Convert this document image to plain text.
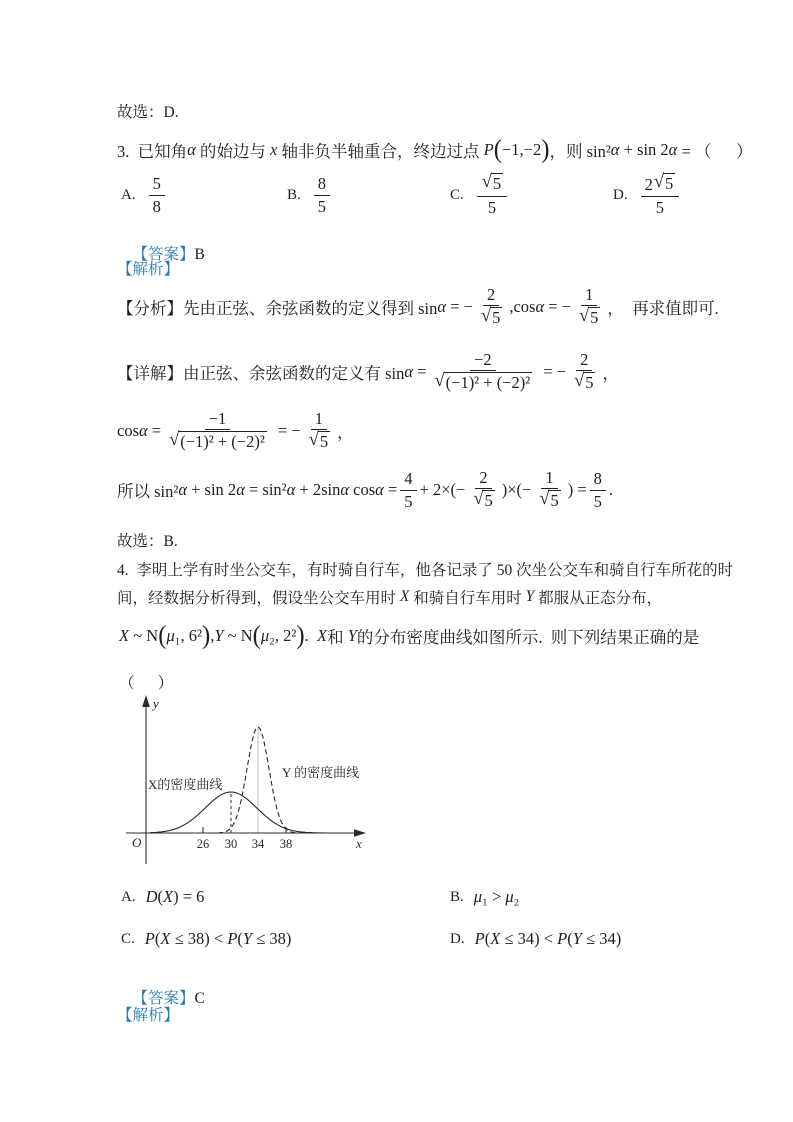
故选：D.
3.  已知角 α 的始边与 x 轴非负半轴重合，终边过点 P ( −1,−2 ) ，则 sin² α + sin 2 α = （      ）
A. $\frac{5}{8}$	B. $\frac{8}{5}$	C. $\frac{√ 5}{5}$	D. $\frac{2 √ 5}{5}$

【答案】B

【解析】
【分析】先由正弦、余弦函数的定义得到 sin α = − $\frac{2}{√ 5} ,\cos$ α = − $\frac{1}{√ 5}$ ，  再求值即可.
【详解】由正弦、余弦函数的定义有 $\sin \alpha = \frac{-2}{\text{√ (−1)² + (−2)²}}$ = − $\frac{2}{√ 5}$ ，
$\cos \alpha = \frac{-1}{\text{√ (−1)² + (−2)²}}$ = − $\frac{1}{√ 5}$ ，
所以 sin² α + sin 2 α = sin² α + 2sin α $\cos \alpha = \frac{4}{5} + 2\times(- \frac{2}{√ 5}$ )×(− $\frac{1}{√ 5}$ ) = $\frac{8}{5}$ .
故选：B.
4.  李明上学有时坐公交车，有时骑自行车，他各记录了 50 次坐公交车和骑自行车所花的时
间，经数据分析得到，假设坐公交车用时 X 和骑自行车用时 Y 都服从正态分布，
X ~ N ( μ ₁, 6² ) , Y ~ N ( μ ₂, 2² ) . X 和 Y 的分布密度曲线如图所示.  则下列结果正确的是
（      ）
26 30 34 38
y
x
O
X的密度曲线
Y 的密度曲线
A. D(X) = 6	B. μ₁ > μ₂
C. P(X ≤ 38) < P(Y ≤ 38)	D. P(X ≤ 34) < P(Y ≤ 34)

【答案】C

【解析】
